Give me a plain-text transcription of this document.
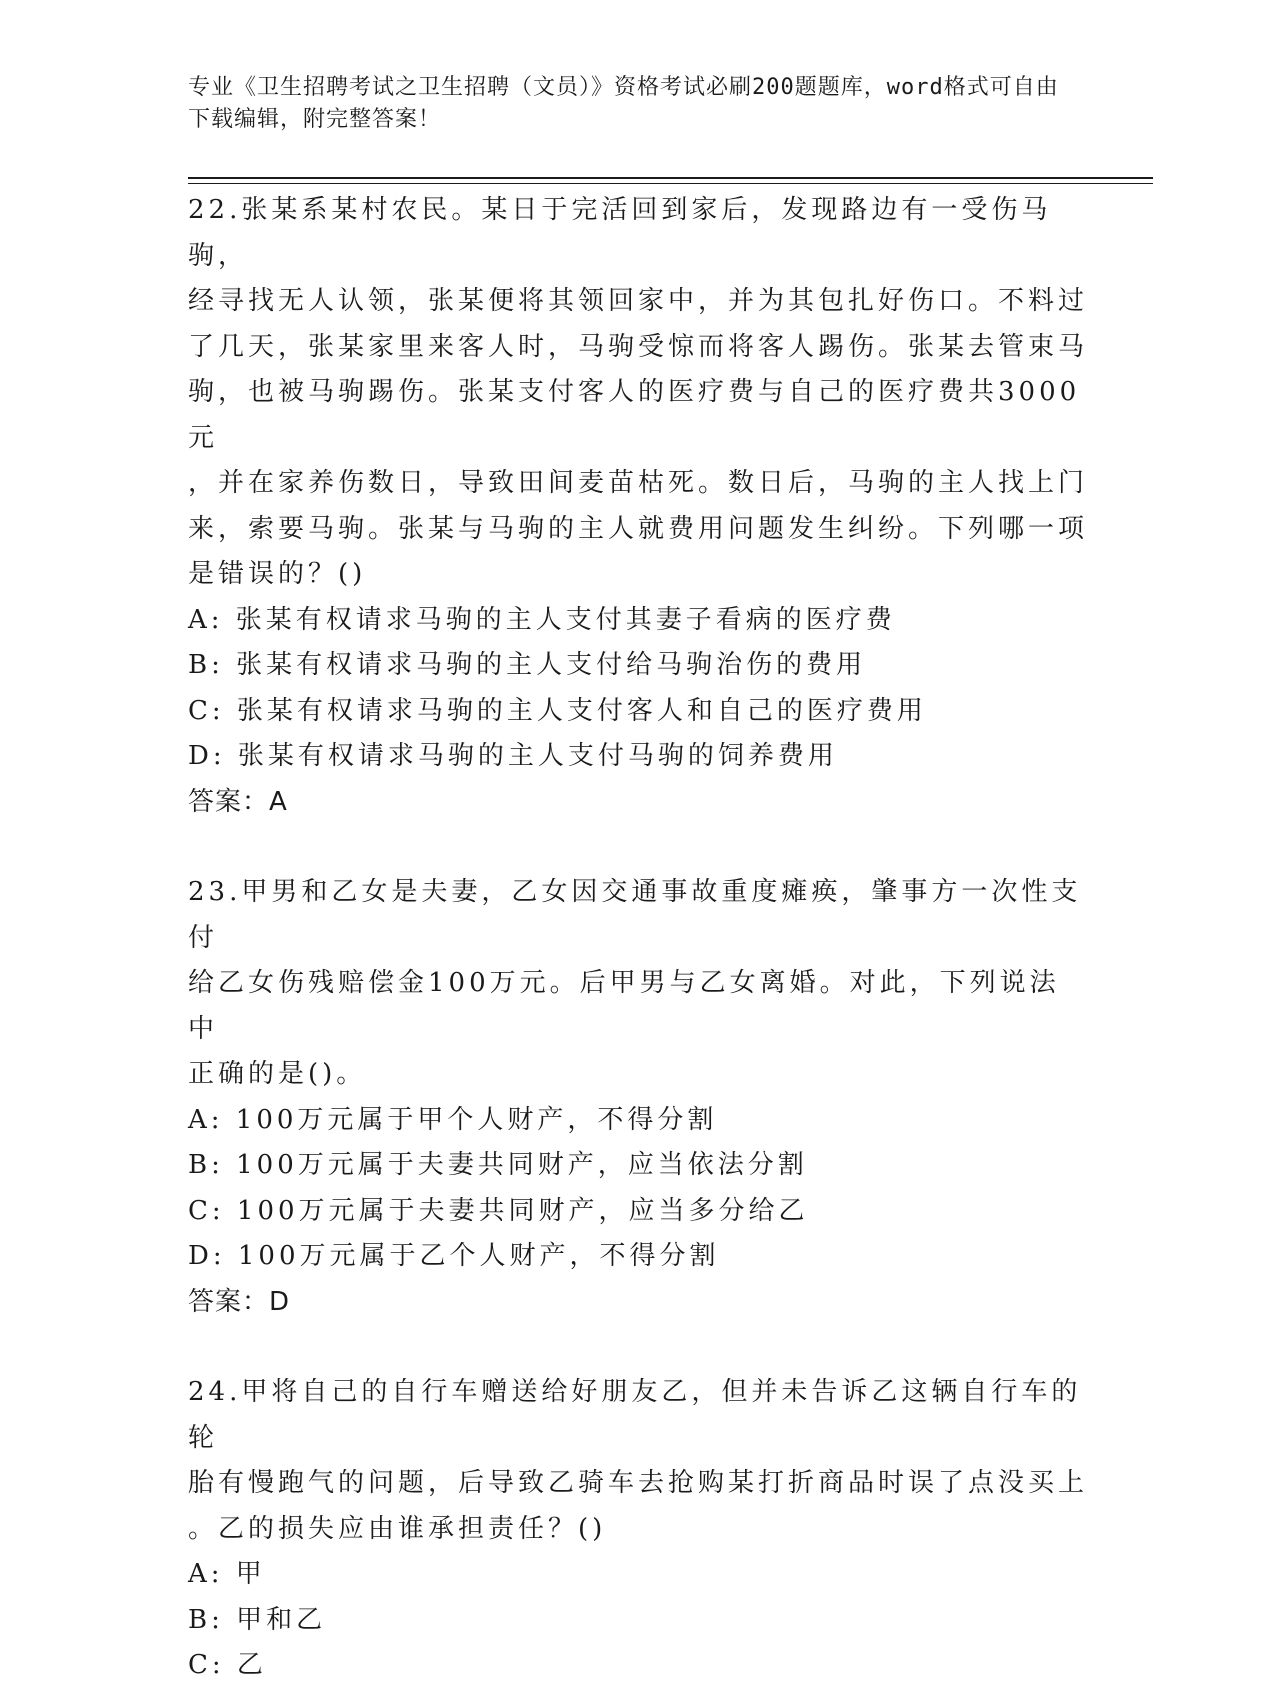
专业《卫生招聘考试之卫生招聘（文员）》资格考试必刷200题题库，word格式可自由下载编辑，附完整答案！

22.张某系某村农民。某日于完活回到家后，发现路边有一受伤马驹，
经寻找无人认领，张某便将其领回家中，并为其包扎好伤口。不料过
了几天，张某家里来客人时，马驹受惊而将客人踢伤。张某去管束马
驹，也被马驹踢伤。张某支付客人的医疗费与自己的医疗费共3000元
，并在家养伤数日，导致田间麦苗枯死。数日后，马驹的主人找上门
来，索要马驹。张某与马驹的主人就费用问题发生纠纷。下列哪一项
是错误的？()

A: 张某有权请求马驹的主人支付其妻子看病的医疗费
B: 张某有权请求马驹的主人支付给马驹治伤的费用
C: 张某有权请求马驹的主人支付客人和自己的医疗费用
D: 张某有权请求马驹的主人支付马驹的饲养费用

答案：A

23.甲男和乙女是夫妻，乙女因交通事故重度瘫痪，肇事方一次性支付
给乙女伤残赔偿金100万元。后甲男与乙女离婚。对此，下列说法中
正确的是()。

A: 100万元属于甲个人财产，不得分割
B: 100万元属于夫妻共同财产，应当依法分割
C: 100万元属于夫妻共同财产，应当多分给乙
D: 100万元属于乙个人财产，不得分割

答案：D

24.甲将自己的自行车赠送给好朋友乙，但并未告诉乙这辆自行车的轮
胎有慢跑气的问题，后导致乙骑车去抢购某打折商品时误了点没买上
。乙的损失应由谁承担责任？()

A: 甲
B: 甲和乙
C: 乙
